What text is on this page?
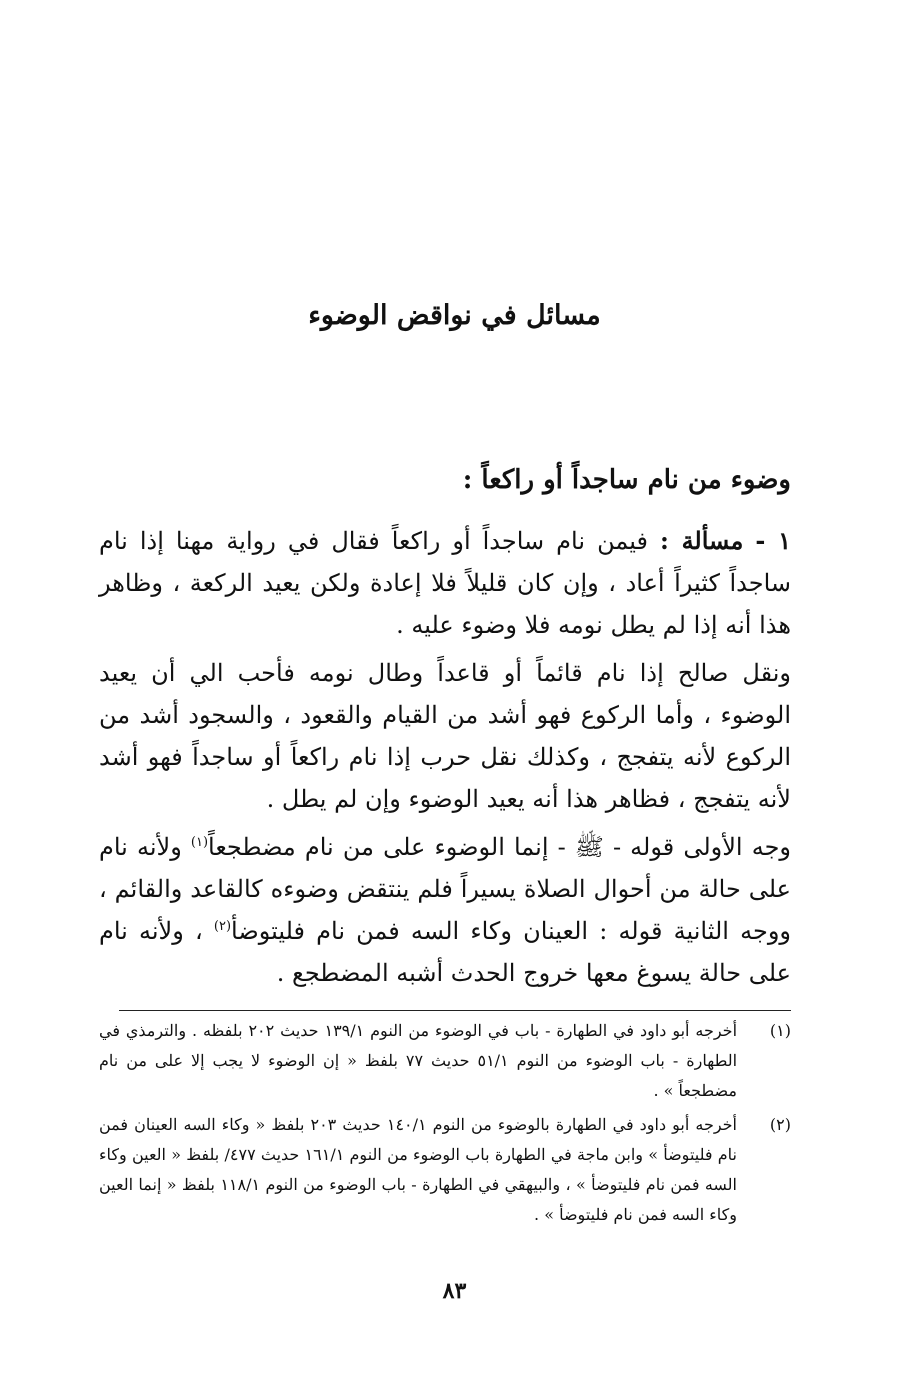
مسائل في نواقض الوضوء
وضوء من نام ساجداً أو راكعاً :
١ - مسألة : فيمن نام ساجداً أو راكعاً فقال في رواية مهنا إذا نام ساجداً كثيراً أعاد ، وإن كان قليلاً فلا إعادة ولكن يعيد الركعة ، وظاهر هذا أنه إذا لم يطل نومه فلا وضوء عليه .
ونقل صالح إذا نام قائماً أو قاعداً وطال نومه فأحب الي أن يعيد الوضوء ، وأما الركوع فهو أشد من القيام والقعود ، والسجود أشد من الركوع لأنه يتفجج ، وكذلك نقل حرب إذا نام راكعاً أو ساجداً فهو أشد لأنه يتفجج ، فظاهر هذا أنه يعيد الوضوء وإن لم يطل .
وجه الأولى قوله - ﷺ - إنما الوضوء على من نام مضطجعاً$^{(١)}$ ولأنه نام على حالة من أحوال الصلاة يسيراً فلم ينتقض وضوءه كالقاعد والقائم ، ووجه الثانية قوله : العينان وكاء السه فمن نام فليتوضأ$^{(٢)}$ ، ولأنه نام على حالة يسوغ معها خروج الحدث أشبه المضطجع .
(١)
أخرجه أبو داود في الطهارة - باب في الوضوء من النوم ١٣٩/١ حديث ٢٠٢ بلفظه . والترمذي في الطهارة - باب الوضوء من النوم ٥١/١ حديث ٧٧ بلفظ « إن الوضوء لا يجب إلا على من نام مضطجعاً » .
(٢)
أخرجه أبو داود في الطهارة بالوضوء من النوم ١٤٠/١ حديث ٢٠٣ بلفظ « وكاء السه العينان فمن نام فليتوضأ » وابن ماجة في الطهارة باب الوضوء من النوم ١٦١/١ حديث ٤٧٧/ بلفظ « العين وكاء السه فمن نام فليتوضأ » ، والبيهقي في الطهارة - باب الوضوء من النوم ١١٨/١ بلفظ « إنما العين وكاء السه فمن نام فليتوضأ » .
٨٣
